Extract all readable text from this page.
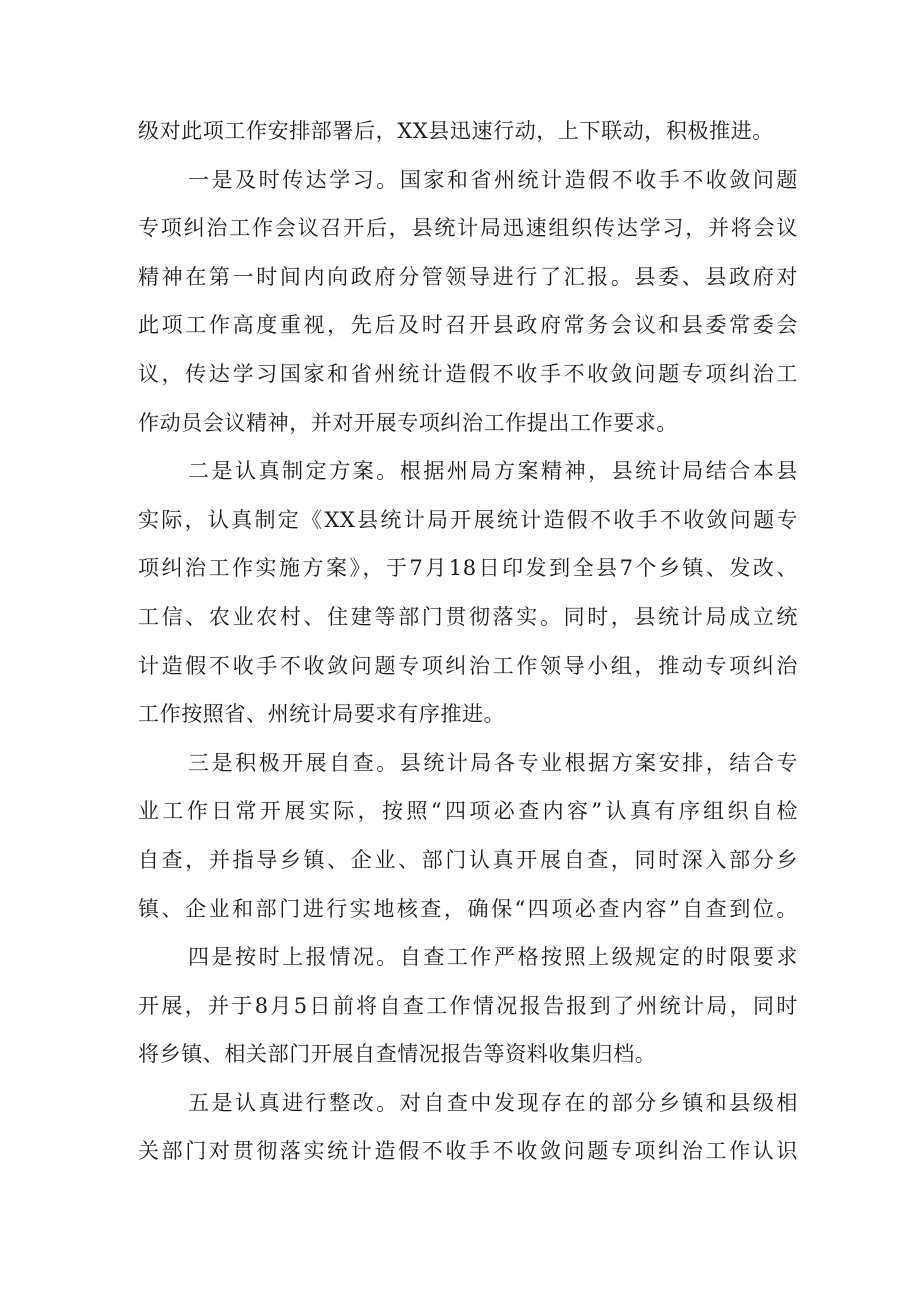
级对此项工作安排部署后，XX县迅速行动，上下联动，积极推进。
一是及时传达学习。国家和省州统计造假不收手不收敛问题
专项纠治工作会议召开后，县统计局迅速组织传达学习，并将会议
精神在第一时间内向政府分管领导进行了汇报。县委、县政府对
此项工作高度重视，先后及时召开县政府常务会议和县委常委会
议，传达学习国家和省州统计造假不收手不收敛问题专项纠治工
作动员会议精神，并对开展专项纠治工作提出工作要求。
二是认真制定方案。根据州局方案精神，县统计局结合本县
实际，认真制定《XX县统计局开展统计造假不收手不收敛问题专
项纠治工作实施方案》，于7月18日印发到全县7个乡镇、发改、
工信、农业农村、住建等部门贯彻落实。同时，县统计局成立统
计造假不收手不收敛问题专项纠治工作领导小组，推动专项纠治
工作按照省、州统计局要求有序推进。
三是积极开展自查。县统计局各专业根据方案安排，结合专
业工作日常开展实际，按照“四项必查内容”认真有序组织自检
自查，并指导乡镇、企业、部门认真开展自查，同时深入部分乡
镇、企业和部门进行实地核查，确保“四项必查内容”自查到位。
四是按时上报情况。自查工作严格按照上级规定的时限要求
开展，并于8月5日前将自查工作情况报告报到了州统计局，同时
将乡镇、相关部门开展自查情况报告等资料收集归档。
五是认真进行整改。对自查中发现存在的部分乡镇和县级相
关部门对贯彻落实统计造假不收手不收敛问题专项纠治工作认识
